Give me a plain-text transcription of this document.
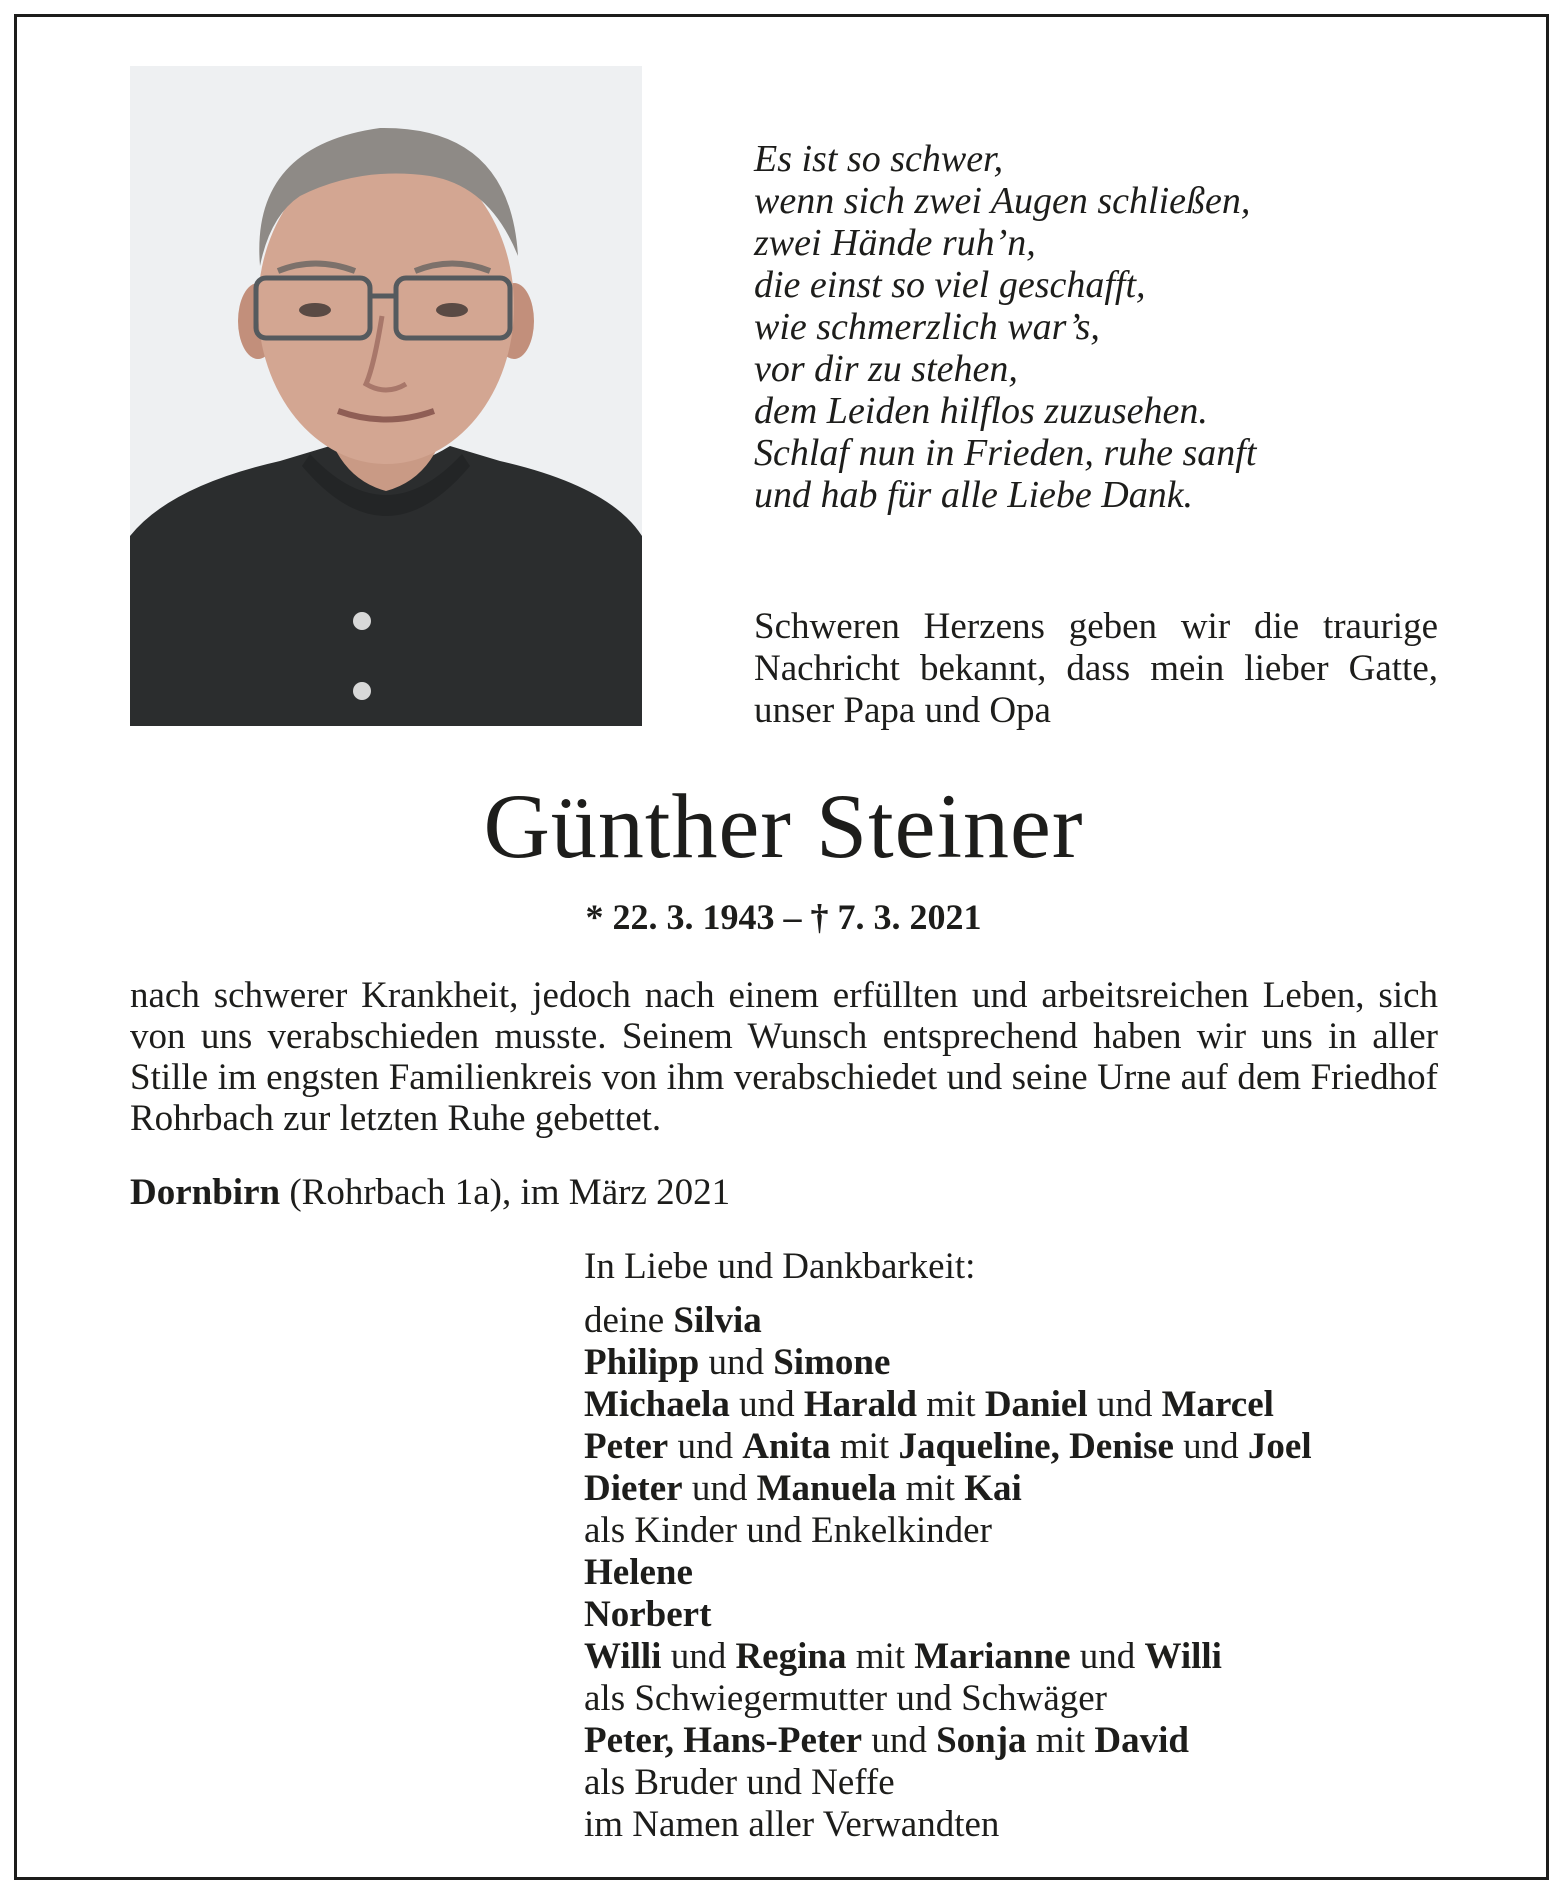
Es ist so schwer,
wenn sich zwei Augen schließen,
zwei Hände ruh’n,
die einst so viel geschafft,
wie schmerzlich war’s,
vor dir zu stehen,
dem Leiden hilflos zuzusehen.
Schlaf nun in Frieden, ruhe sanft
und hab für alle Liebe Dank.

Schweren Herzens geben wir die traurige Nachricht bekannt, dass mein lieber Gatte, unser Papa und Opa

Günther Steiner
* 22. 3. 1943 – † 7. 3. 2021

nach schwerer Krankheit, jedoch nach einem erfüllten und arbeitsreichen Leben, sich von uns verabschieden musste. Seinem Wunsch entsprechend haben wir uns in aller Stille im engsten Familienkreis von ihm verabschiedet und seine Urne auf dem Friedhof Rohrbach zur letzten Ruhe gebettet.

Dornbirn (Rohrbach 1a), im März 2021
In Liebe und Dankbarkeit:
deine Silvia
Philipp und Simone
Michaela und Harald mit Daniel und Marcel
Peter und Anita mit Jaqueline, Denise und Joel
Dieter und Manuela mit Kai
als Kinder und Enkelkinder
Helene
Norbert
Willi und Regina mit Marianne und Willi
als Schwiegermutter und Schwäger
Peter, Hans-Peter und Sonja mit David
als Bruder und Neffe
im Namen aller Verwandten
